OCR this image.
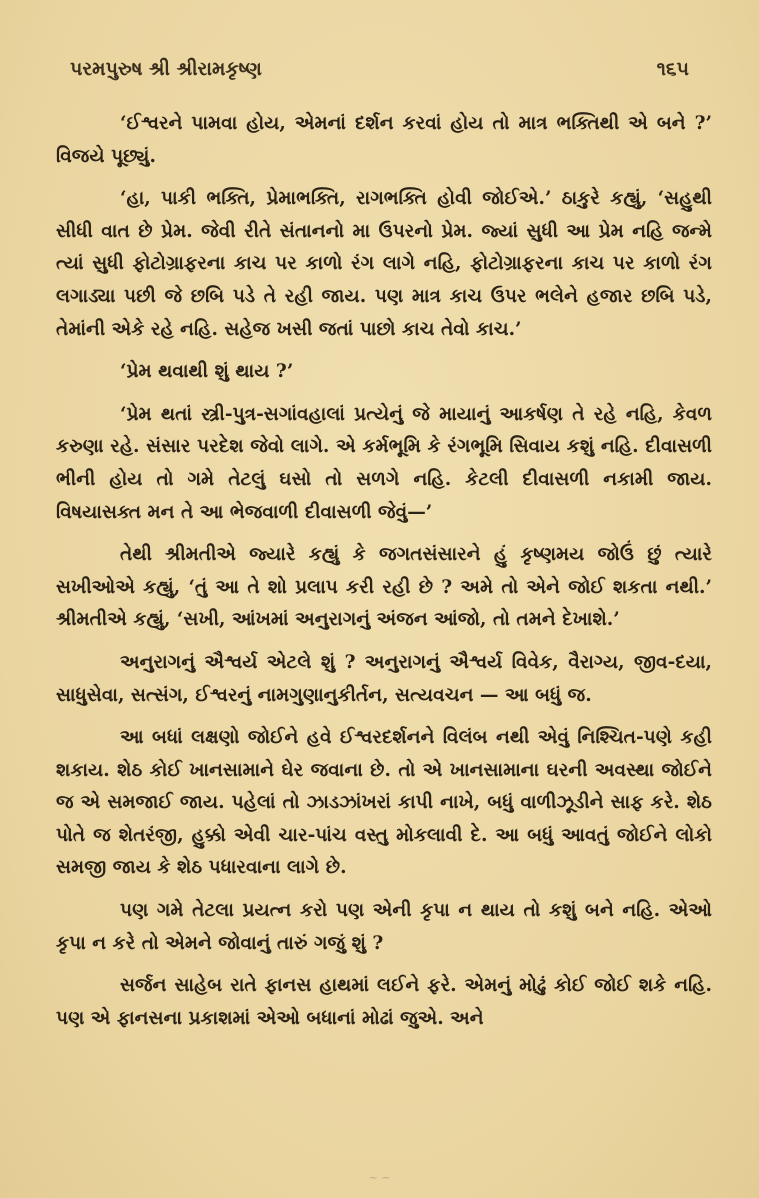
પરમપુરુષ શ્રી શ્રીરામકૃષ્ણ	૧૬૫

‘ઈશ્વરને પામવા હોય, એમનાં દર્શન કરવાં હોય તો માત્ર ભક્તિથી એ બને ?’ વિજયે પૂછ્યું.

‘હા, પાકી ભક્તિ, પ્રેમાભક્તિ, રાગભક્તિ હોવી જોઈએ.’ ઠાકુરે કહ્યું, ‘સહુથી સીધી વાત છે પ્રેમ. જેવી રીતે સંતાનનો મા ઉપરનો પ્રેમ. જ્યાં સુધી આ પ્રેમ નહિ જન્મે ત્યાં સુધી ફોટોગ્રાફરના કાચ પર કાળો રંગ લાગે નહિ, ફોટોગ્રાફરના કાચ પર કાળો રંગ લગાડ્યા પછી જે છબિ પડે તે રહી જાય. પણ માત્ર કાચ ઉપર ભલેને હજાર છબિ પડે, તેમાંની એકે રહે નહિ. સહેજ ખસી જતાં પાછો કાચ તેવો કાચ.’

‘પ્રેમ થવાથી શું થાય ?’

‘પ્રેમ થતાં સ્ત્રી-પુત્ર-સગાંવહાલાં પ્રત્યેનું જે માયાનું આકર્ષણ તે રહે નહિ, કેવળ કરુણા રહે. સંસાર પરદેશ જેવો લાગે. એ કર્મભૂમિ કે રંગભૂમિ સિવાય કશું નહિ. દીવાસળી ભીની હોય તો ગમે તેટલું ઘસો તો સળગે નહિ. કેટલી દીવાસળી નકામી જાય. વિષયાસક્ત મન તે આ ભેજવાળી દીવાસળી જેવું—’

તેથી શ્રીમતીએ જ્યારે કહ્યું કે જગતસંસારને હું કૃષ્ણમય જોઉં છું ત્યારે સખીઓએ કહ્યું, ‘તું આ તે શો પ્રલાપ કરી રહી છે ? અમે તો એને જોઈ શકતા નથી.’ શ્રીમતીએ કહ્યું, ‘સખી, આંખમાં અનુરાગનું અંજન આંજો, તો તમને દેખાશે.’

અનુરાગનું ઐશ્વર્ય એટલે શું ? અનુરાગનું ઐશ્વર્ય વિવેક, વૈરાગ્ય, જીવ-દયા, સાધુસેવા, સત્સંગ, ઈશ્વરનું નામગુણાનુકીર્તન, સત્યવચન — આ બધું જ.

આ બધાં લક્ષણો જોઈને હવે ઈશ્વરદર્શનને વિલંબ નથી એવું નિશ્ચિત-પણે કહી શકાય. શેઠ કોઈ ખાનસામાને ઘેર જવાના છે. તો એ ખાનસામાના ઘરની અવસ્થા જોઈને જ એ સમજાઈ જાય. પહેલાં તો ઝાડઝાંખરાં કાપી નાખે, બધું વાળીઝૂડીને સાફ કરે. શેઠ પોતે જ શેતરંજી, હુક્કો એવી ચાર-પાંચ વસ્તુ મોકલાવી દે. આ બધું આવતું જોઈને લોકો સમજી જાય કે શેઠ પધારવાના લાગે છે.

પણ ગમે તેટલા પ્રયત્ન કરો પણ એની કૃપા ન થાય તો કશું બને નહિ. એઓ કૃપા ન કરે તો એમને જોવાનું તારું ગજું શું ?

સર્જન સાહેબ રાતે ફાનસ હાથમાં લઈને ફરે. એમનું મોઢું કોઈ જોઈ શકે નહિ. પણ એ ફાનસના પ્રકાશમાં એઓ બધાનાં મોઢાં જુએ. અને

~ ~
